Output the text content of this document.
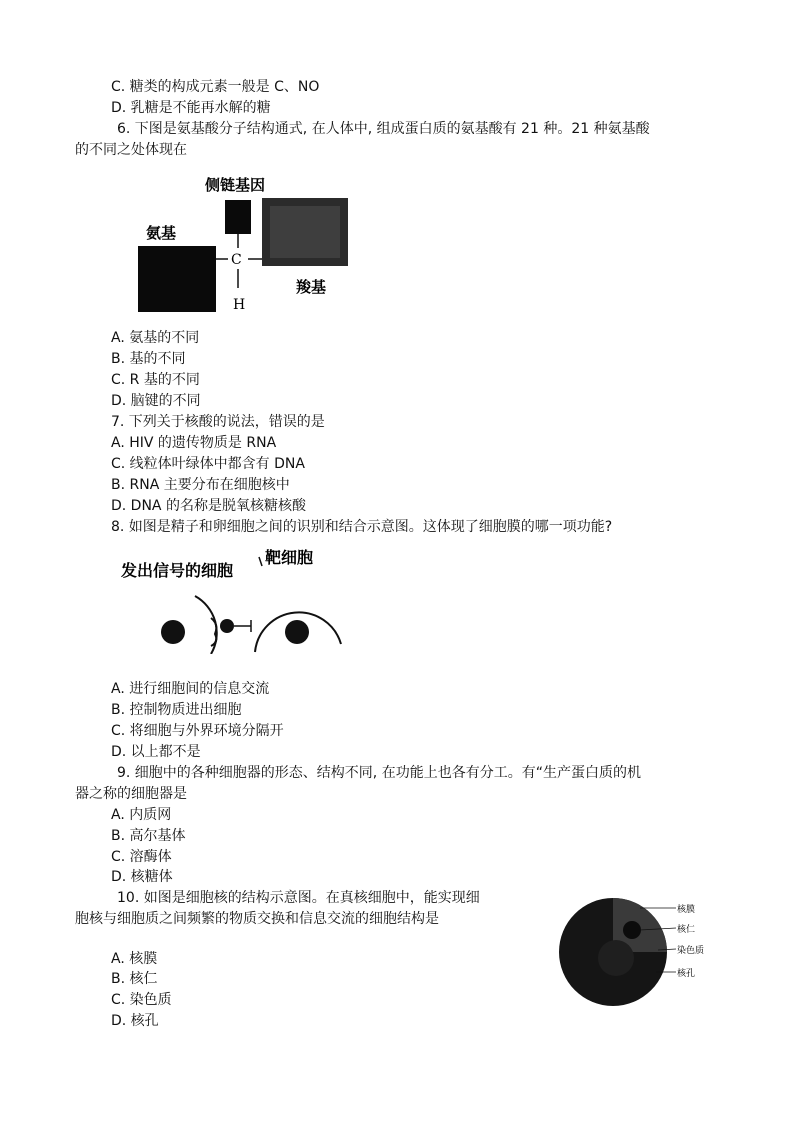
C. 糖类的构成元素一般是 C、NO
D. 乳糖是不能再水解的糖
6. 下图是氨基酸分子结构通式, 在人体中, 组成蛋白质的氨基酸有 21 种。21 种氨基酸
的不同之处体现在
侧链基因
氨基
C
H
羧基
A. 氨基的不同
B. 基的不同
C. R 基的不同
D. 脑键的不同
7. 下列关于核酸的说法，错误的是
A. HIV 的遗传物质是 RNA
C. 线粒体叶绿体中都含有 DNA
B. RNA 主要分布在细胞核中
D. DNA 的名称是脱氧核糖核酸
8. 如图是精子和卵细胞之间的识别和结合示意图。这体现了细胞膜的哪一项功能?
发出信号的细胞
靶细胞
A. 进行细胞间的信息交流
B. 控制物质进出细胞
C. 将细胞与外界环境分隔开
D. 以上都不是
9. 细胞中的各种细胞器的形态、结构不同, 在功能上也各有分工。有“生产蛋白质的机
器之称的细胞器是
A. 内质网
B. 高尔基体
C. 溶酶体
D. 核糖体
10. 如图是细胞核的结构示意图。在真核细胞中，能实现细
胞核与细胞质之间频繁的物质交换和信息交流的细胞结构是
核膜
核仁
染色质
核孔
A. 核膜
B. 核仁
C. 染色质
D. 核孔
